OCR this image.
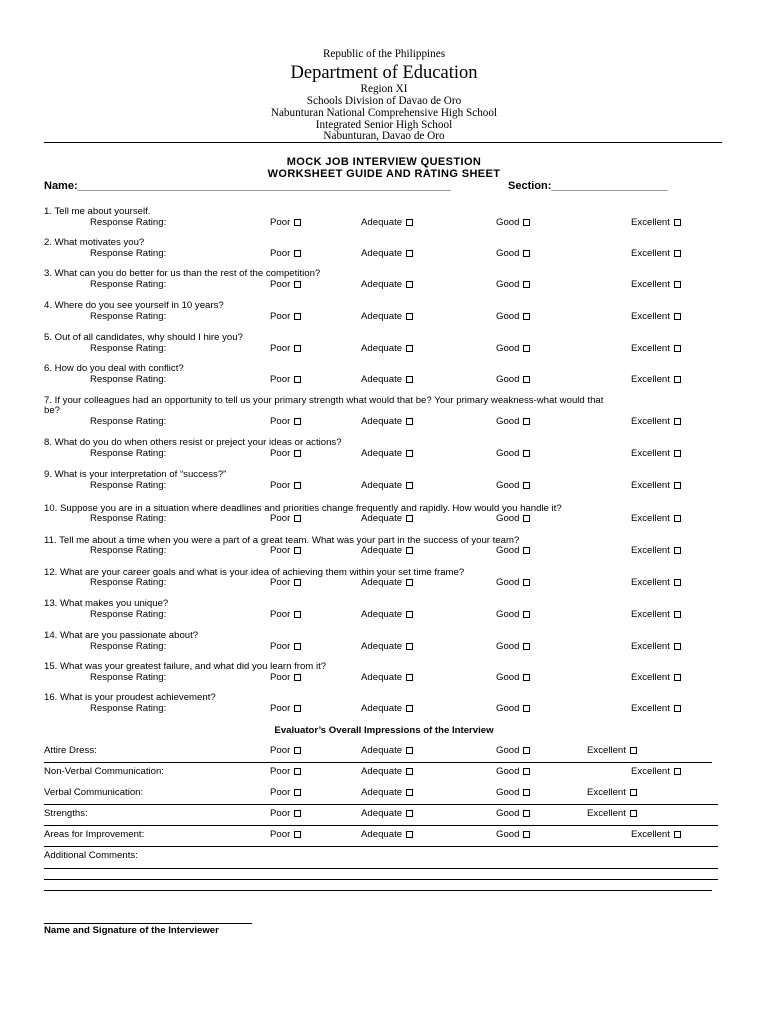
Republic of the Philippines
Department of Education
Region XI
Schools Division of Davao de Oro
Nabunturan National Comprehensive High School
Integrated Senior High School
Nabunturan, Davao de Oro
MOCK JOB INTERVIEW QUESTION
WORKSHEET GUIDE AND RATING SHEET
Name:_____________________________________________________________	Section:___________________
1. Tell me about yourself.
Response Rating:	Poor	Adequate	Good	Excellent
2. What motivates you?
Response Rating:	Poor	Adequate	Good	Excellent
3. What can you do better for us than the rest of the competition?
Response Rating:	Poor	Adequate	Good	Excellent
4. Where do you see yourself in 10 years?
Response Rating:	Poor	Adequate	Good	Excellent
5. Out of all candidates, why should I hire you?
Response Rating:	Poor	Adequate	Good	Excellent
6. How do you deal with conflict?
Response Rating:	Poor	Adequate	Good	Excellent
7. If your colleagues had an opportunity to tell us your primary strength what would that be? Your primary weakness-what would that
be?
Response Rating:	Poor	Adequate	Good	Excellent
8. What do you do when others resist or preject your ideas or actions?
Response Rating:	Poor	Adequate	Good	Excellent
9. What is your interpretation of “success?”
Response Rating:	Poor	Adequate	Good	Excellent
10. Suppose you are in a situation where deadlines and priorities change frequently and rapidly. How would you handle it?
Response Rating:	Poor	Adequate	Good	Excellent
11. Tell me about a time when you were a part of a great team. What was your part in the success of your team?
Response Rating:	Poor	Adequate	Good	Excellent
12. What are your career goals and what is your idea of achieving them within your set time frame?
Response Rating:	Poor	Adequate	Good	Excellent
13. What makes you unique?
Response Rating:	Poor	Adequate	Good	Excellent
14. What are you passionate about?
Response Rating:	Poor	Adequate	Good	Excellent
15. What was your greatest failure, and what did you learn from it?
Response Rating:	Poor	Adequate	Good	Excellent
16. What is your proudest achievement?
Response Rating:	Poor	Adequate	Good	Excellent
Evaluator’s Overall Impressions of the Interview
Attire Dress:	Poor	Adequate	Good	Excellent
Non-Verbal Communication:	Poor	Adequate	Good	Excellent
Verbal Communication:	Poor	Adequate	Good	Excellent
Strengths:	Poor	Adequate	Good	Excellent
Areas for Improvement:	Poor	Adequate	Good	Excellent
Additional Comments:
Name and Signature of the Interviewer
